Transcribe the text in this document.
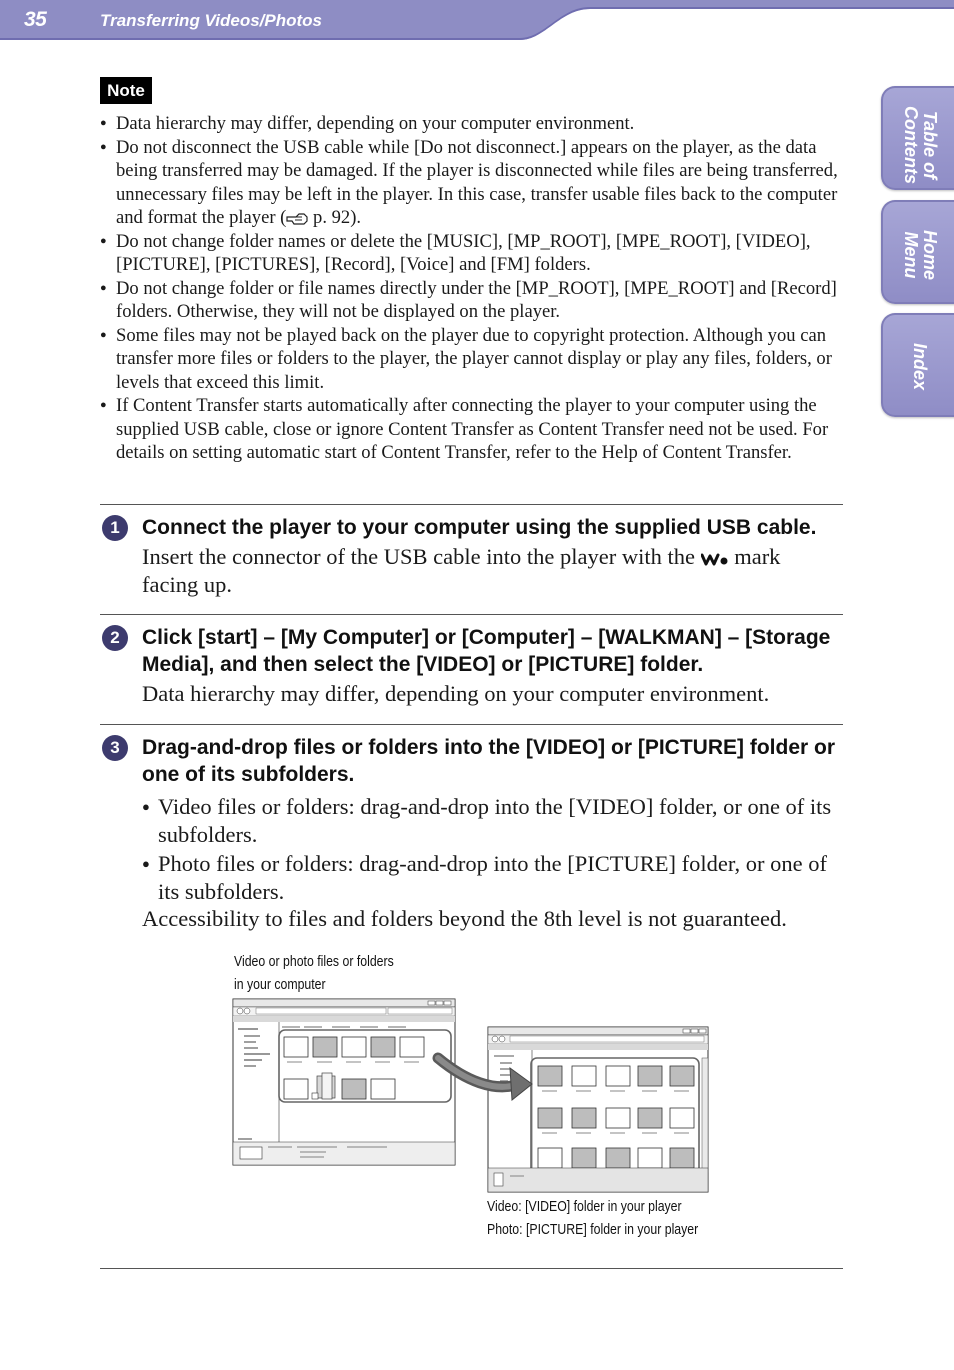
35	Transferring Videos/Photos
Table of
Contents
Home
Menu
Index
Note
● Data hierarchy may differ, depending on your computer environment.
● Do not disconnect the USB cable while [Do not disconnect.] appears on the player, as the data being transferred may be damaged. If the player is disconnected while files are being transferred, unnecessary files may be left in the player. In this case, transfer usable files back to the computer and format the player ( p. 92).
● Do not change folder names or delete the [MUSIC], [MP_ROOT], [MPE_ROOT], [VIDEO], [PICTURE], [PICTURES], [Record], [Voice] and [FM] folders.
● Do not change folder or file names directly under the [MP_ROOT], [MPE_ROOT] and [Record] folders. Otherwise, they will not be displayed on the player.
● Some files may not be played back on the player due to copyright protection. Although you can transfer more files or folders to the player, the player cannot display or play any files, folders, or levels that exceed this limit.
● If Content Transfer starts automatically after connecting the player to your computer using the supplied USB cable, close or ignore Content Transfer as Content Transfer need not be used. For details on setting automatic start of Content Transfer, refer to the Help of Content Transfer.
1	Connect the player to your computer using the supplied USB cable.
Insert the connector of the USB cable into the player with the  mark facing up.
2	Click [start] – [My Computer] or [Computer] – [WALKMAN] – [Storage Media], and then select the [VIDEO] or [PICTURE] folder.
Data hierarchy may differ, depending on your computer environment.
3	Drag-and-drop files or folders into the [VIDEO] or [PICTURE] folder or one of its subfolders.
● Video files or folders: drag-and-drop into the [VIDEO] folder, or one of its subfolders.
● Photo files or folders: drag-and-drop into the [PICTURE] folder, or one of its subfolders.
Accessibility to files and folders beyond the 8th level is not guaranteed.
Video or photo files or folders
in your computer
Video: [VIDEO] folder in your player
Photo: [PICTURE] folder in your player
